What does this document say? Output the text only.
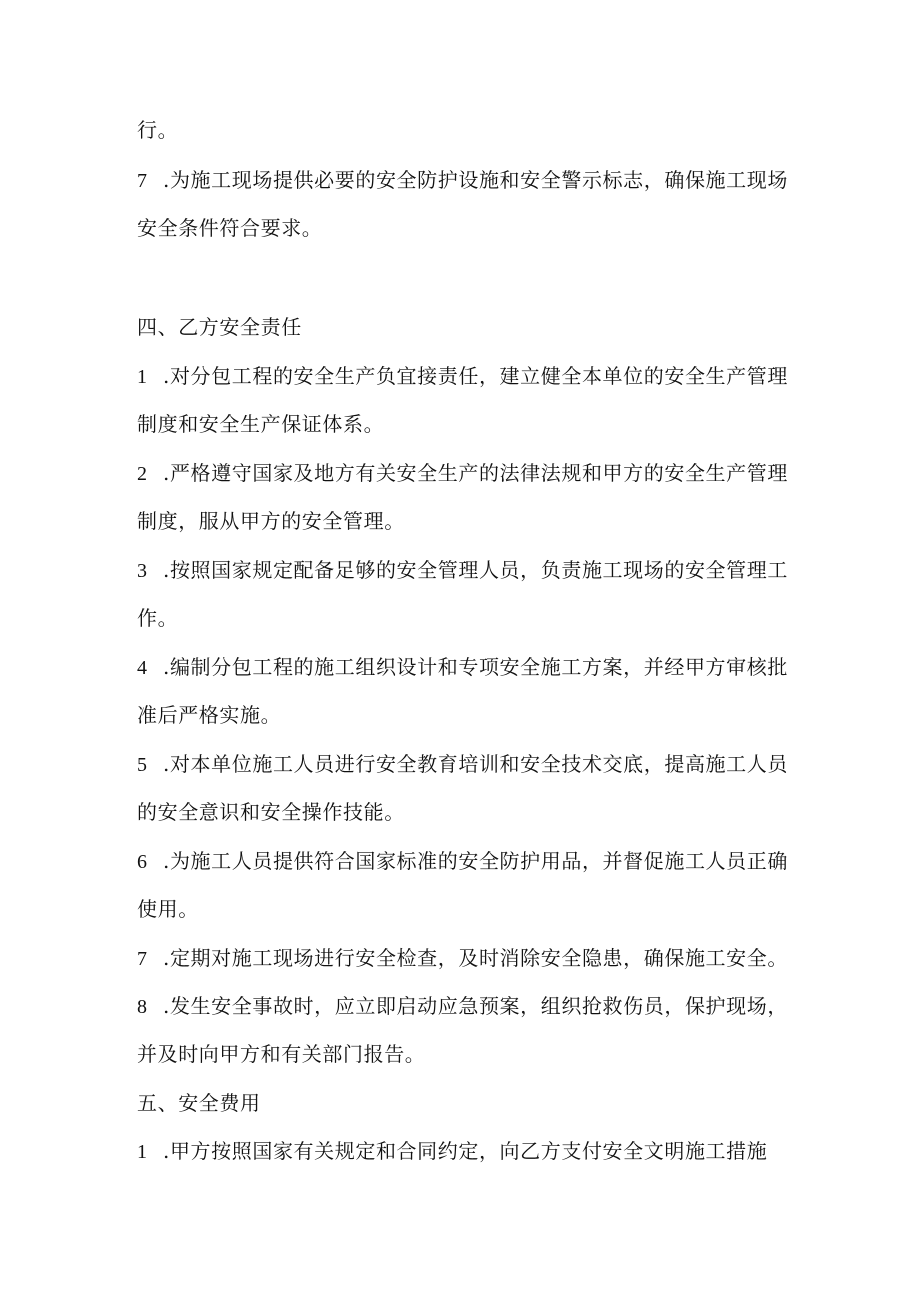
行。
7 .为施工现场提供必要的安全防护设施和安全警示标志，确保施工现场
安全条件符合要求。
四、乙方安全责任
1 .对分包工程的安全生产负宜接责任，建立健全本单位的安全生产管理
制度和安全生产保证体系。
2 .严格遵守国家及地方有关安全生产的法律法规和甲方的安全生产管理
制度，服从甲方的安全管理。
3 .按照国家规定配备足够的安全管理人员，负责施工现场的安全管理工
作。
4 .编制分包工程的施工组织设计和专项安全施工方案，并经甲方审核批
准后严格实施。
5 .对本单位施工人员进行安全教育培训和安全技术交底，提高施工人员
的安全意识和安全操作技能。
6 .为施工人员提供符合国家标准的安全防护用品，并督促施工人员正确
使用。
7 .定期对施工现场进行安全检查，及时消除安全隐患，确保施工安全。
8 .发生安全事故时，应立即启动应急预案，组织抢救伤员，保护现场，
并及时向甲方和有关部门报告。
五、安全费用
1 .甲方按照国家有关规定和合同约定，向乙方支付安全文明施工措施
